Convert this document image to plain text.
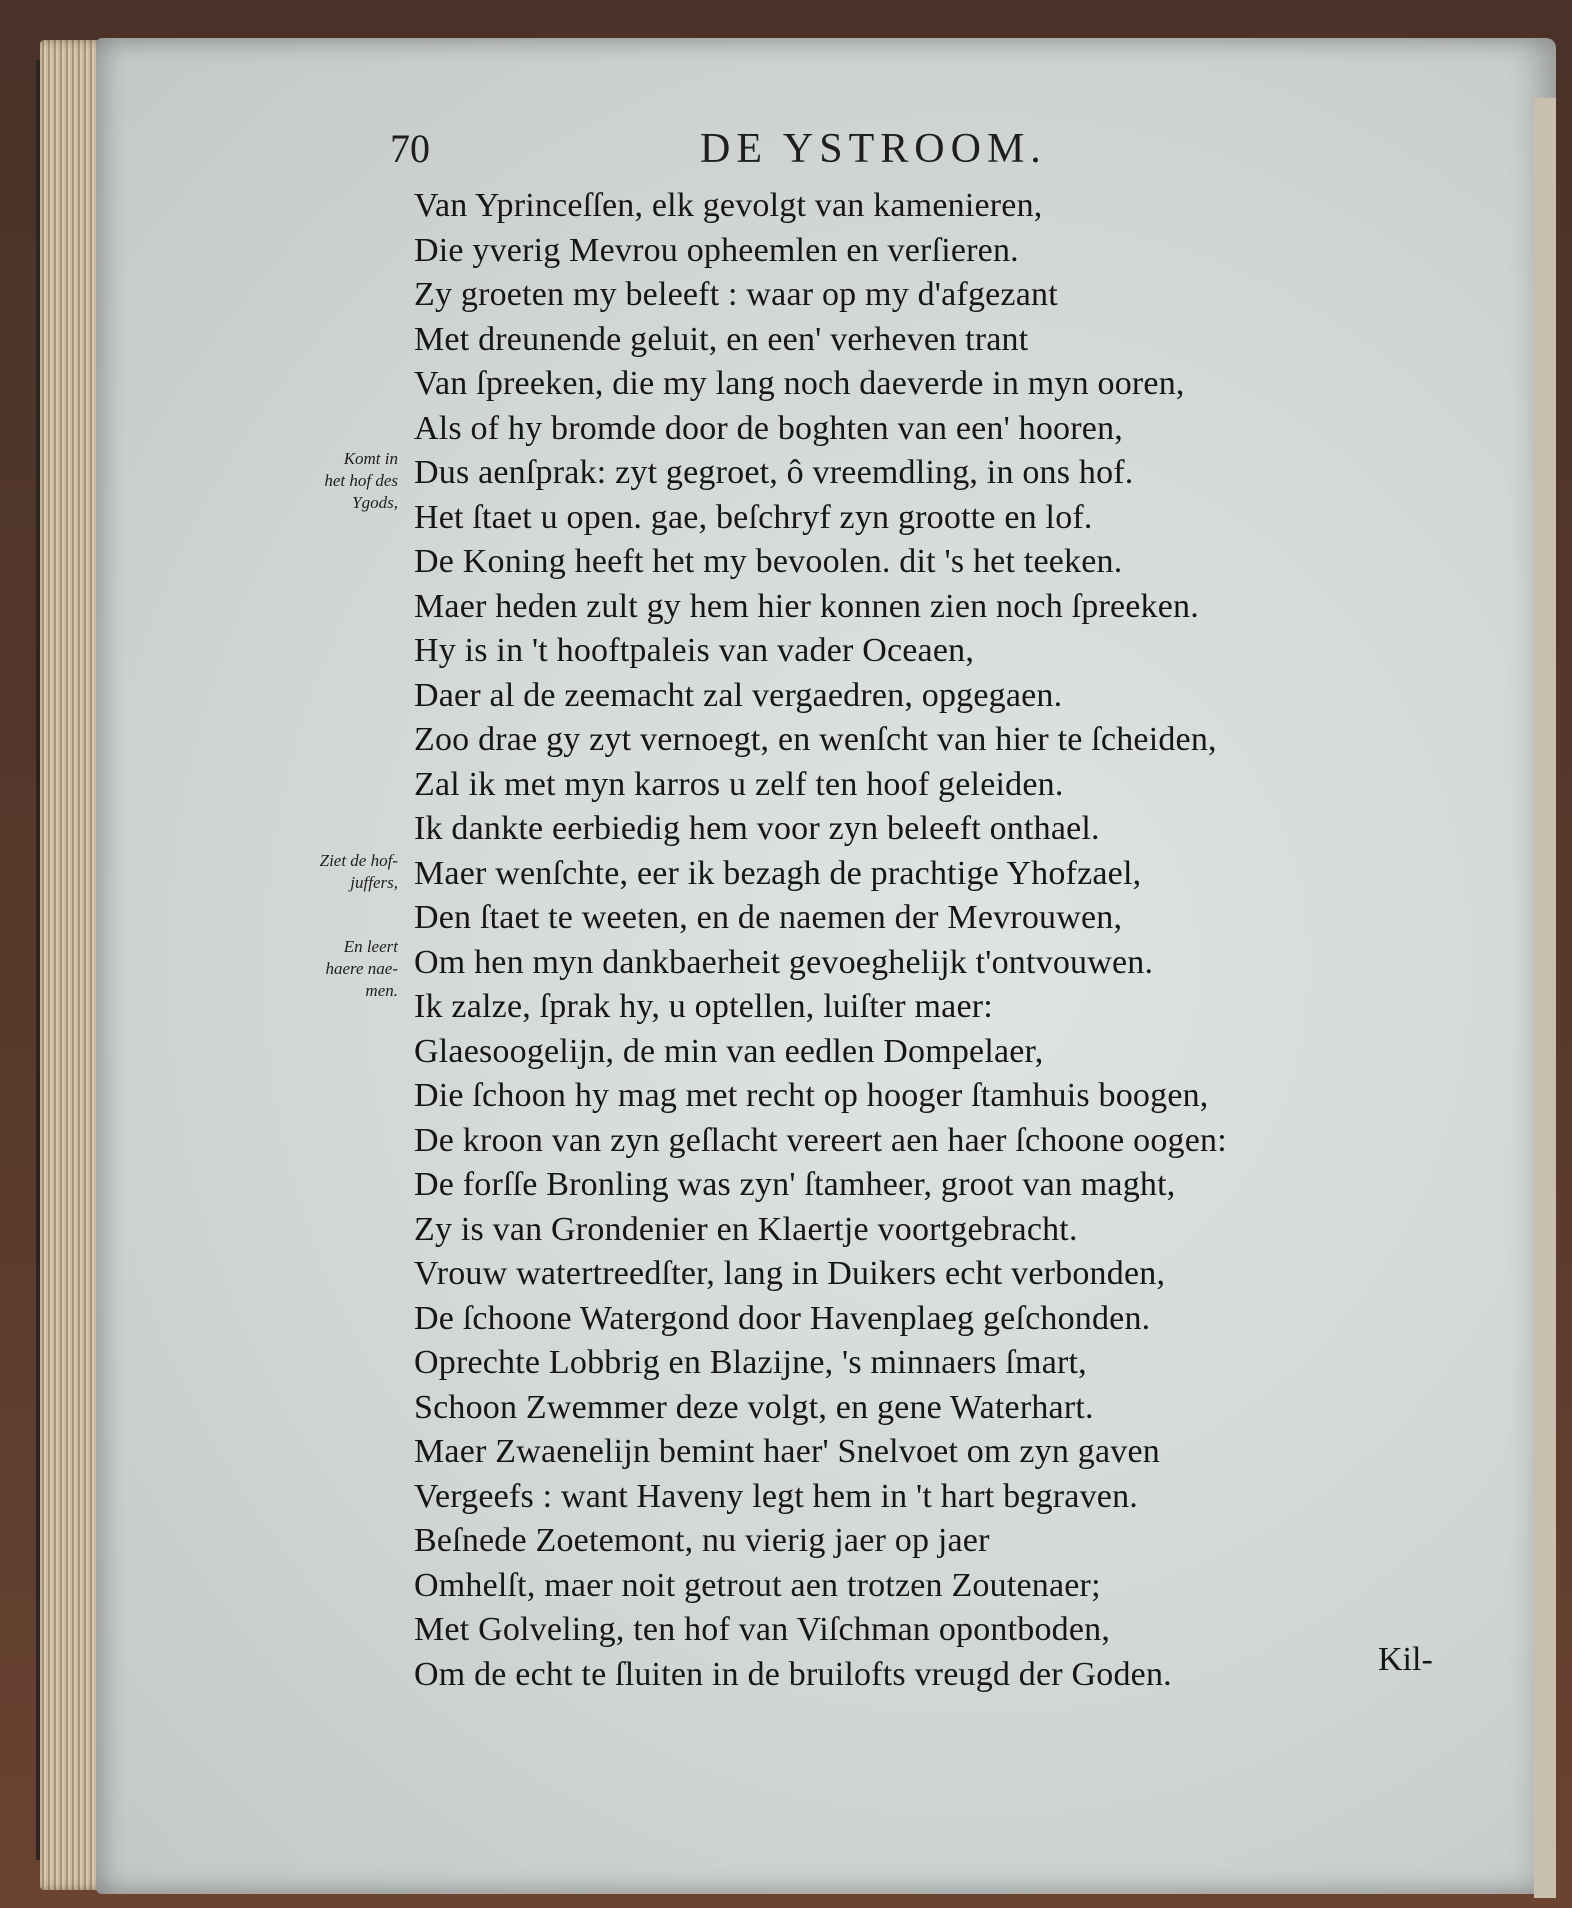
70	DE YSTROOM.
Komt in
het hof des
Ygods,
Ziet de hof-
juffers,
En leert
haere nae-
men.
Van Yprinceſſen, elk gevolgt van kamenieren,
Die yverig Mevrou opheemlen en verſieren.
Zy groeten my beleeft : waar op my d'afgezant
Met dreunende geluit, en een' verheven trant
Van ſpreeken, die my lang noch daeverde in myn ooren,
Als of hy bromde door de boghten van een' hooren,
Dus aenſprak: zyt gegroet, ô vreemdling, in ons hof.
Het ſtaet u open. gae, beſchryf zyn grootte en lof.
De Koning heeft het my bevoolen. dit 's het teeken.
Maer heden zult gy hem hier konnen zien noch ſpreeken.
Hy is in 't hooftpaleis van vader Oceaen,
Daer al de zeemacht zal vergaedren, opgegaen.
Zoo drae gy zyt vernoegt, en wenſcht van hier te ſcheiden,
Zal ik met myn karros u zelf ten hoof geleiden.
Ik dankte eerbiedig hem voor zyn beleeft onthael.
Maer wenſchte, eer ik bezagh de prachtige Yhofzael,
Den ſtaet te weeten, en de naemen der Mevrouwen,
Om hen myn dankbaerheit gevoeghelijk t'ontvouwen.
Ik zalze, ſprak hy, u optellen, luiſter maer:
Glaesoogelijn, de min van eedlen Dompelaer,
Die ſchoon hy mag met recht op hooger ſtamhuis boogen,
De kroon van zyn geſlacht vereert aen haer ſchoone oogen:
De forſſe Bronling was zyn' ſtamheer, groot van maght,
Zy is van Grondenier en Klaertje voortgebracht.
Vrouw watertreedſter, lang in Duikers echt verbonden,
De ſchoone Watergond door Havenplaeg geſchonden.
Oprechte Lobbrig en Blazijne, 's minnaers ſmart,
Schoon Zwemmer deze volgt, en gene Waterhart.
Maer Zwaenelijn bemint haer' Snelvoet om zyn gaven
Vergeefs : want Haveny legt hem in 't hart begraven.
Beſnede Zoetemont, nu vierig jaer op jaer
Omhelſt, maer noit getrout aen trotzen Zoutenaer;
Met Golveling, ten hof van Viſchman opontboden,
Om de echt te ſluiten in de bruilofts vreugd der Goden.	Kil-
